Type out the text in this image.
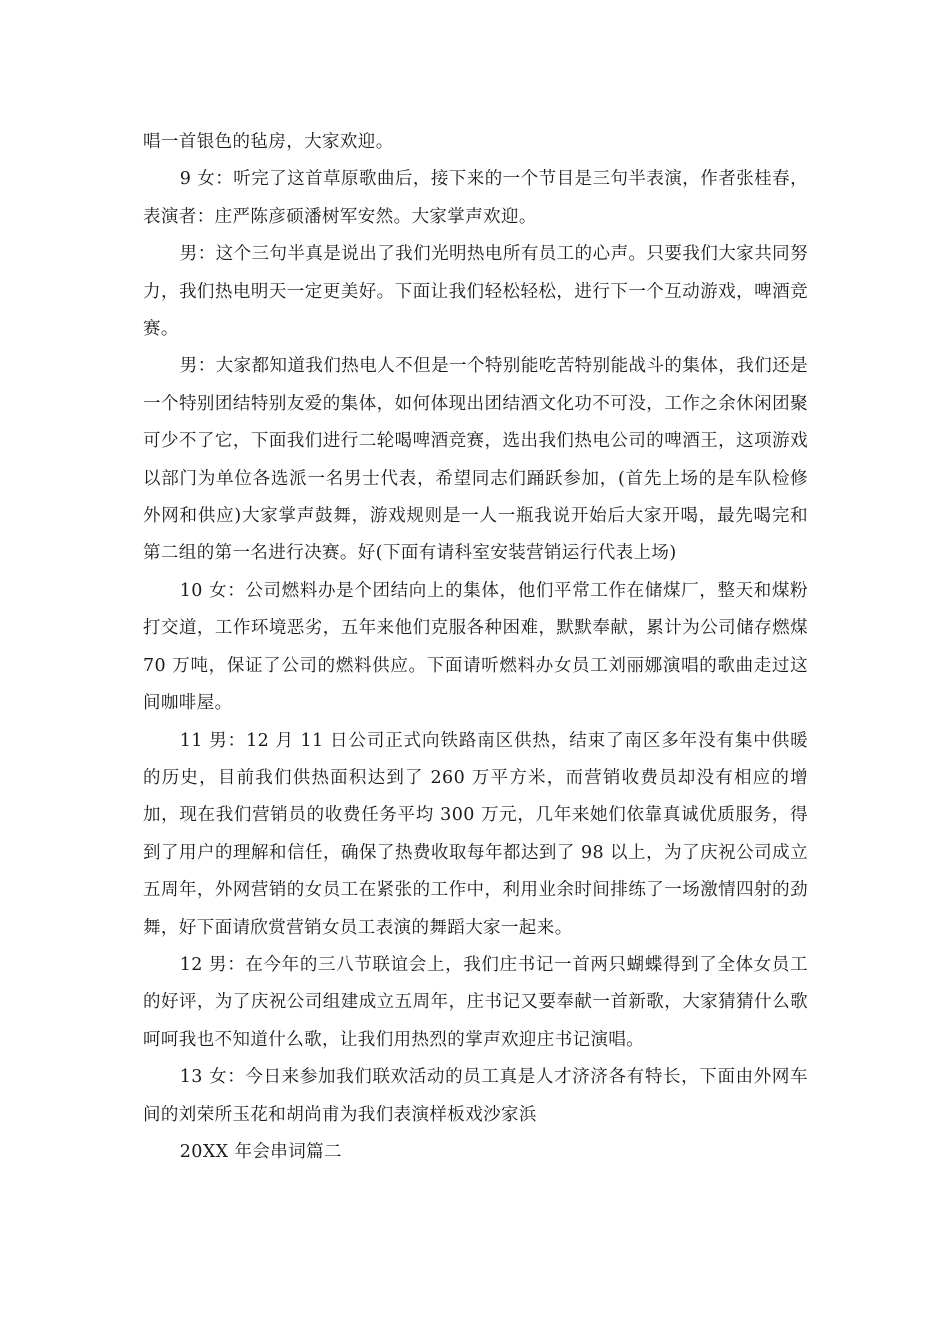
唱一首银色的毡房，大家欢迎。

9 女：听完了这首草原歌曲后，接下来的一个节目是三句半表演，作者张桂春，表演者：庄严陈彦硕潘树军安然。大家掌声欢迎。

男：这个三句半真是说出了我们光明热电所有员工的心声。只要我们大家共同努力，我们热电明天一定更美好。下面让我们轻松轻松，进行下一个互动游戏，啤酒竞赛。

男：大家都知道我们热电人不但是一个特别能吃苦特别能战斗的集体，我们还是一个特别团结特别友爱的集体，如何体现出团结酒文化功不可没，工作之余休闲团聚可少不了它，下面我们进行二轮喝啤酒竞赛，选出我们热电公司的啤酒王，这项游戏以部门为单位各选派一名男士代表，希望同志们踊跃参加，(首先上场的是车队检修外网和供应)大家掌声鼓舞，游戏规则是一人一瓶我说开始后大家开喝，最先喝完和第二组的第一名进行决赛。好(下面有请科室安装营销运行代表上场)

10 女：公司燃料办是个团结向上的集体，他们平常工作在储煤厂，整天和煤粉打交道，工作环境恶劣，五年来他们克服各种困难，默默奉献，累计为公司储存燃煤 70 万吨，保证了公司的燃料供应。下面请听燃料办女员工刘丽娜演唱的歌曲走过这间咖啡屋。

11 男：12 月 11 日公司正式向铁路南区供热，结束了南区多年没有集中供暖的历史，目前我们供热面积达到了 260 万平方米，而营销收费员却没有相应的增加，现在我们营销员的收费任务平均 300 万元，几年来她们依靠真诚优质服务，得到了用户的理解和信任，确保了热费收取每年都达到了 98 以上，为了庆祝公司成立五周年，外网营销的女员工在紧张的工作中，利用业余时间排练了一场激情四射的劲舞，好下面请欣赏营销女员工表演的舞蹈大家一起来。

12 男：在今年的三八节联谊会上，我们庄书记一首两只蝴蝶得到了全体女员工的好评，为了庆祝公司组建成立五周年，庄书记又要奉献一首新歌，大家猜猜什么歌呵呵我也不知道什么歌，让我们用热烈的掌声欢迎庄书记演唱。

13 女：今日来参加我们联欢活动的员工真是人才济济各有特长，下面由外网车间的刘荣所玉花和胡尚甫为我们表演样板戏沙家浜

20XX 年会串词篇二
